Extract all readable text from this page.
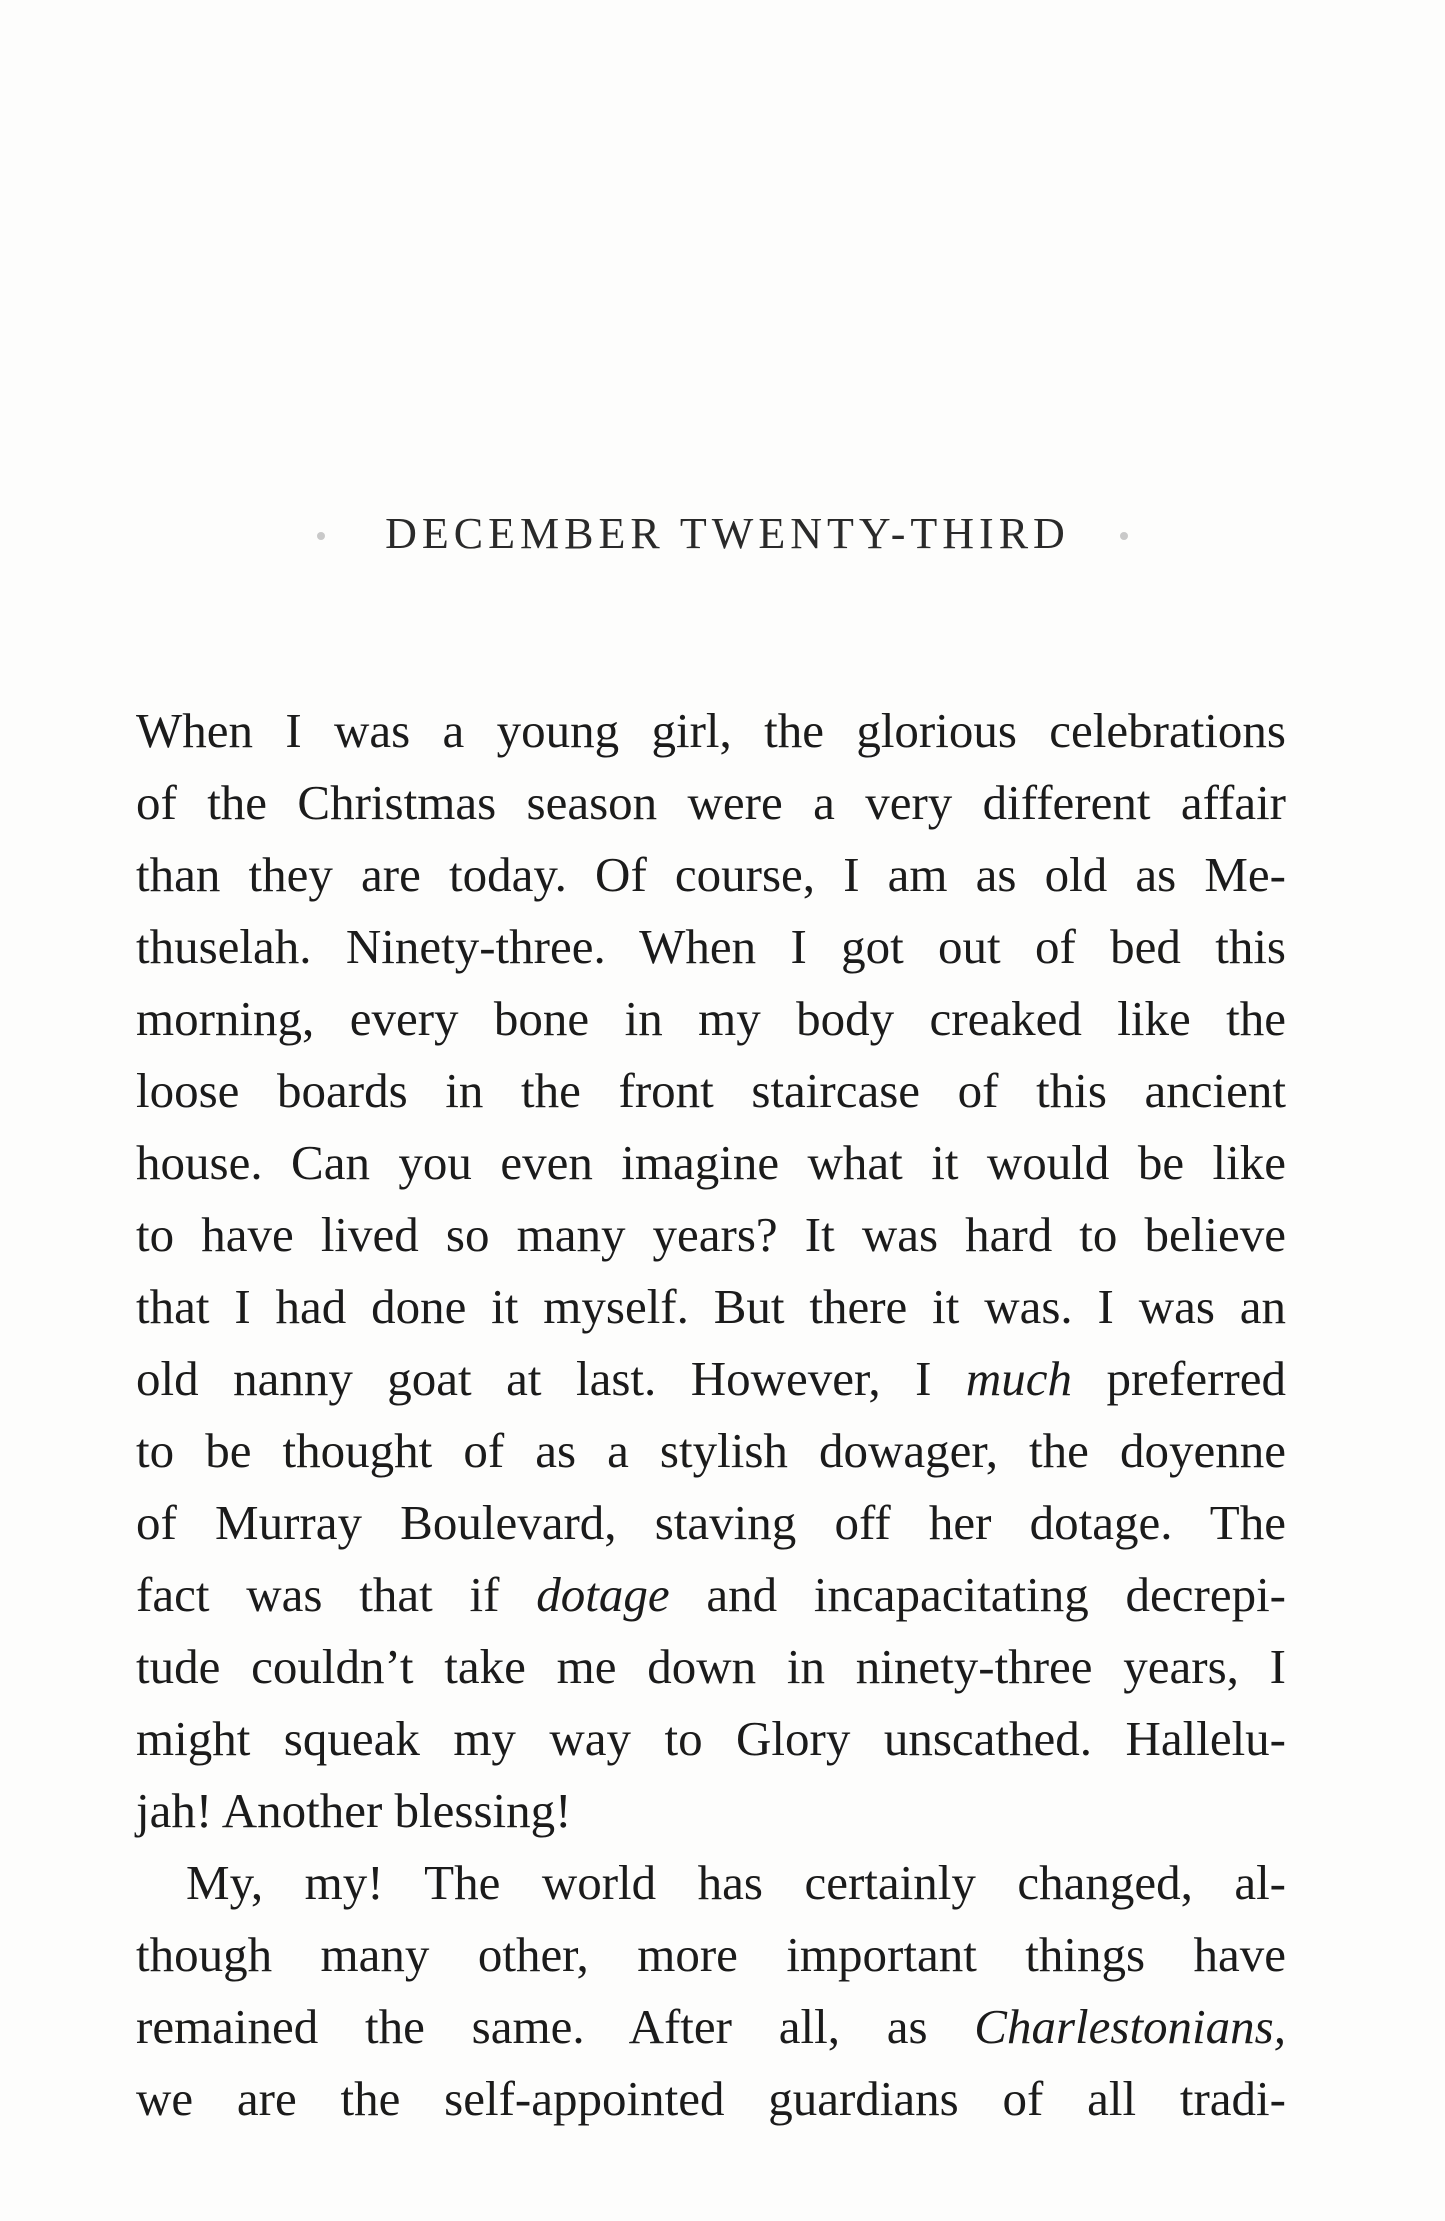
DECEMBER TWENTY-THIRD
When I was a young girl, the glorious celebrations
of the Christmas season were a very different affair
than they are today. Of course, I am as old as Me-
thuselah. Ninety-three. When I got out of bed this
morning, every bone in my body creaked like the
loose boards in the front staircase of this ancient
house. Can you even imagine what it would be like
to have lived so many years? It was hard to believe
that I had done it myself. But there it was. I was an
old nanny goat at last. However, I much preferred
to be thought of as a stylish dowager, the doyenne
of Murray Boulevard, staving off her dotage. The
fact was that if dotage and incapacitating decrepi-
tude couldn’t take me down in ninety-three years, I
might squeak my way to Glory unscathed. Hallelu-
jah! Another blessing!
My, my! The world has certainly changed, al-
though many other, more important things have
remained the same. After all, as Charlestonians,
we are the self-appointed guardians of all tradi-
